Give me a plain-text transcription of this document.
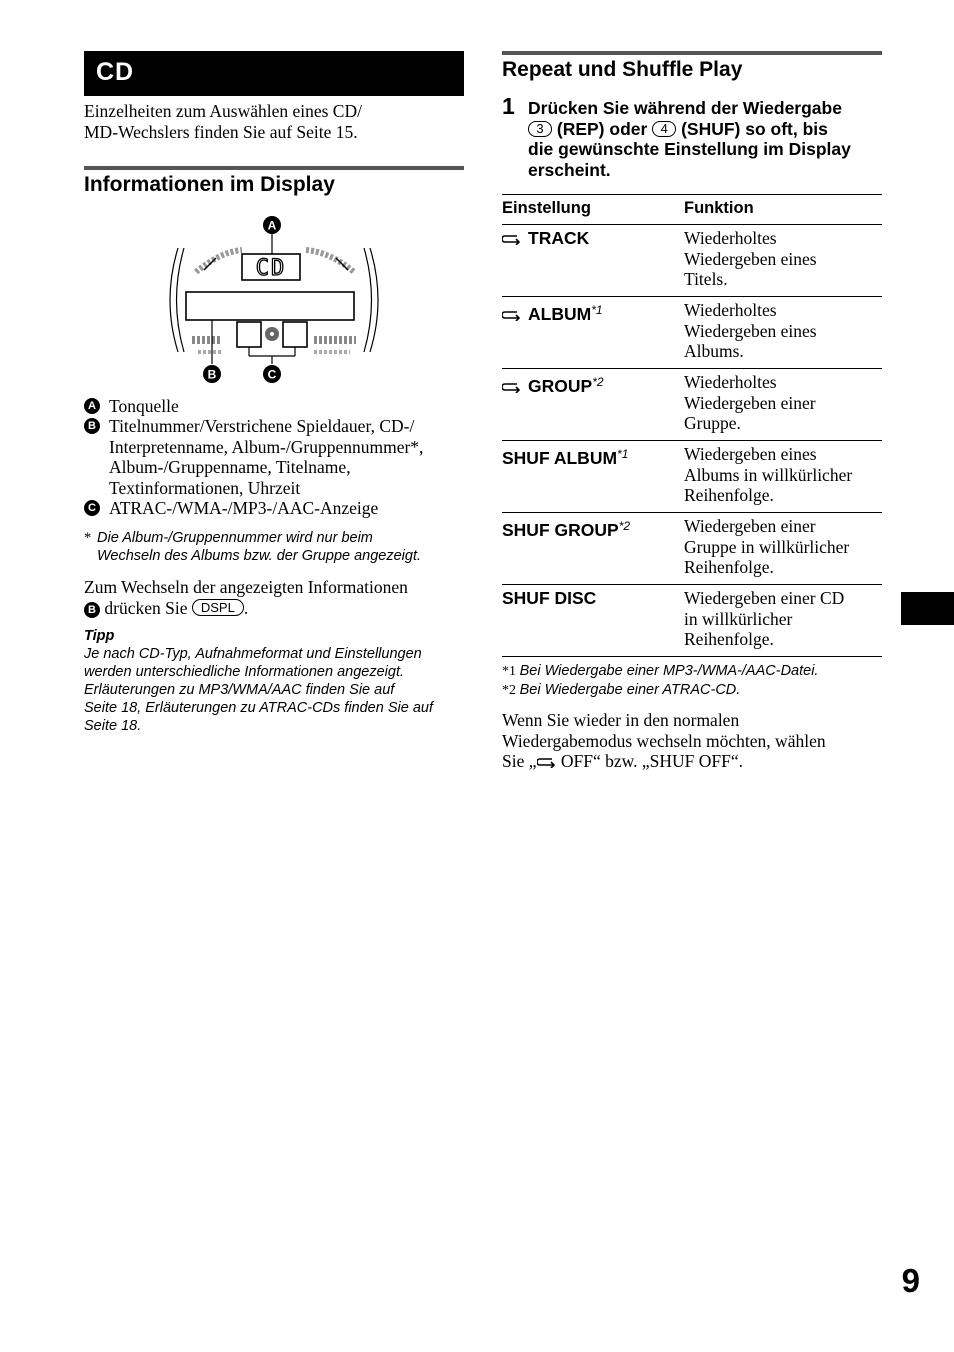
CD
Einzelheiten zum Auswählen eines CD/
MD-Wechslers finden Sie auf Seite 15.
Informationen im Display
CD
A
B	C
A Tonquelle
B Titelnummer/Verstrichene Spieldauer, CD-/
Interpretenname, Album-/Gruppennummer*,
Album-/Gruppenname, Titelname,
Textinformationen, Uhrzeit
C ATRAC-/WMA-/MP3-/AAC-Anzeige
* Die Album-/Gruppennummer wird nur beim
Wechseln des Albums bzw. der Gruppe angezeigt.
Zum Wechseln der angezeigten Informationen
B drücken Sie DSPL .
Tipp
Je nach CD-Typ, Aufnahmeformat und Einstellungen
werden unterschiedliche Informationen angezeigt.
Erläuterungen zu MP3/WMA/AAC finden Sie auf
Seite 18, Erläuterungen zu ATRAC-CDs finden Sie auf
Seite 18.
Repeat und Shuffle Play
1 Drücken Sie während der Wiedergabe
3 (REP) oder 4 (SHUF) so oft, bis
die gewünschte Einstellung im Display
erscheint.
Einstellung	Funktion
TRACK	Wiederholtes
Wiedergeben eines
Titels.

ALBUM$^{*1}$	Wiederholtes
Wiedergeben eines
Albums.

GROUP$^{*2}$	Wiederholtes
Wiedergeben einer
Gruppe.

SHUF ALBUM$^{*1}$	Wiedergeben eines
Albums in willkürlicher
Reihenfolge.

SHUF GROUP$^{*2}$	Wiedergeben einer
Gruppe in willkürlicher
Reihenfolge.

SHUF DISC	Wiedergeben einer CD
in willkürlicher
Reihenfolge.
*1 Bei Wiedergabe einer MP3-/WMA-/AAC-Datei.
*2 Bei Wiedergabe einer ATRAC-CD.
Wenn Sie wieder in den normalen
Wiedergabemodus wechseln möchten, wählen
Sie „ OFF“ bzw. „SHUF OFF“.
9
